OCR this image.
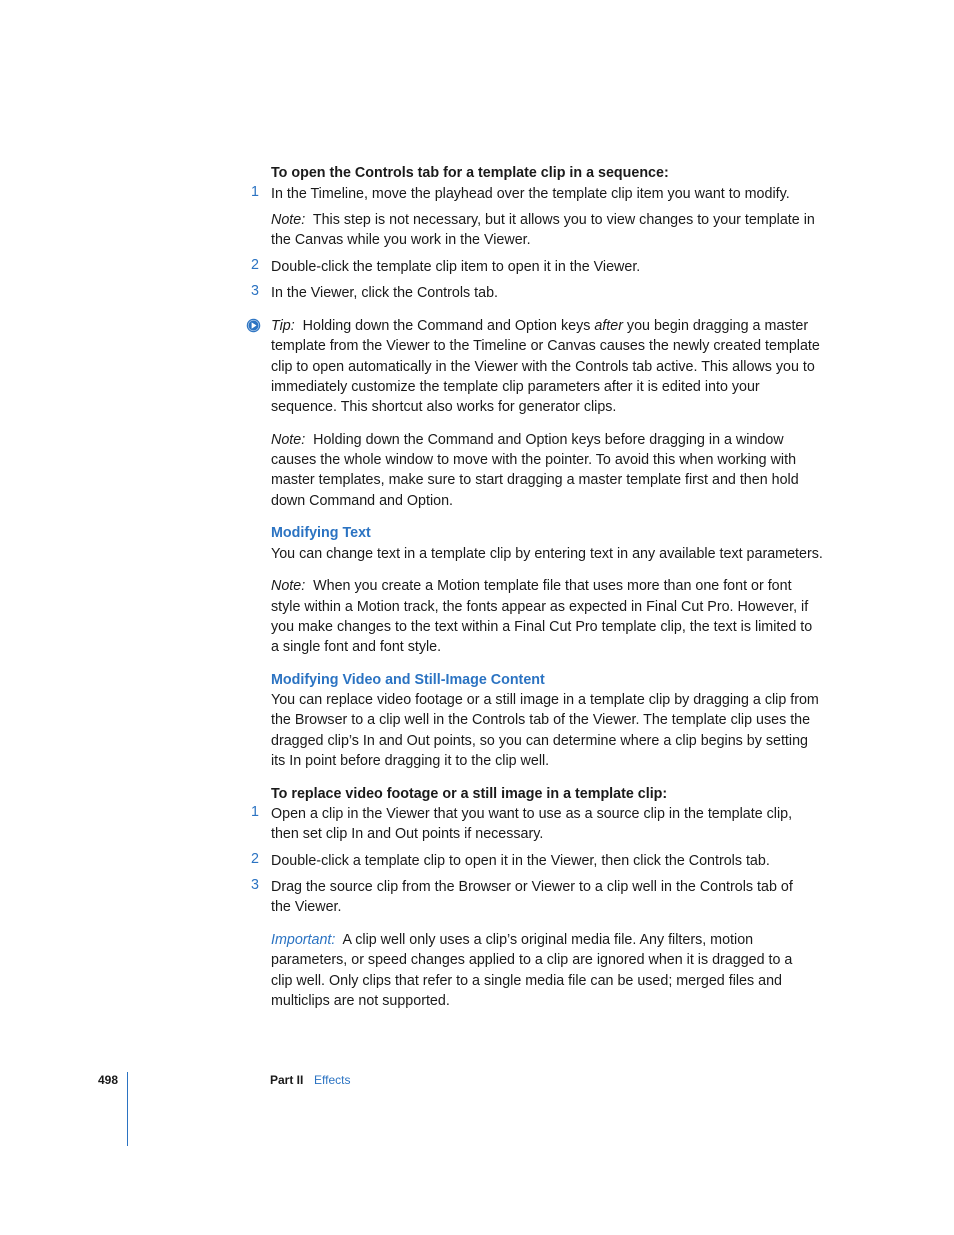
To open the Controls tab for a template clip in a sequence:
1 In the Timeline, move the playhead over the template clip item you want to modify.
Note: This step is not necessary, but it allows you to view changes to your template in
the Canvas while you work in the Viewer.
2 Double-click the template clip item to open it in the Viewer.
3 In the Viewer, click the Controls tab.
Tip: Holding down the Command and Option keys after you begin dragging a master
template from the Viewer to the Timeline or Canvas causes the newly created template
clip to open automatically in the Viewer with the Controls tab active. This allows you to
immediately customize the template clip parameters after it is edited into your
sequence. This shortcut also works for generator clips.
Note: Holding down the Command and Option keys before dragging in a window
causes the whole window to move with the pointer. To avoid this when working with
master templates, make sure to start dragging a master template first and then hold
down Command and Option.
Modifying Text
You can change text in a template clip by entering text in any available text parameters.
Note: When you create a Motion template file that uses more than one font or font
style within a Motion track, the fonts appear as expected in Final Cut Pro. However, if
you make changes to the text within a Final Cut Pro template clip, the text is limited to
a single font and font style.
Modifying Video and Still-Image Content
You can replace video footage or a still image in a template clip by dragging a clip from
the Browser to a clip well in the Controls tab of the Viewer. The template clip uses the
dragged clip’s In and Out points, so you can determine where a clip begins by setting
its In point before dragging it to the clip well.
To replace video footage or a still image in a template clip:
1 Open a clip in the Viewer that you want to use as a source clip in the template clip,
then set clip In and Out points if necessary.
2 Double-click a template clip to open it in the Viewer, then click the Controls tab.
3 Drag the source clip from the Browser or Viewer to a clip well in the Controls tab of
the Viewer.
Important: A clip well only uses a clip’s original media file. Any filters, motion
parameters, or speed changes applied to a clip are ignored when it is dragged to a
clip well. Only clips that refer to a single media file can be used; merged files and
multiclips are not supported.
498	Part II Effects
